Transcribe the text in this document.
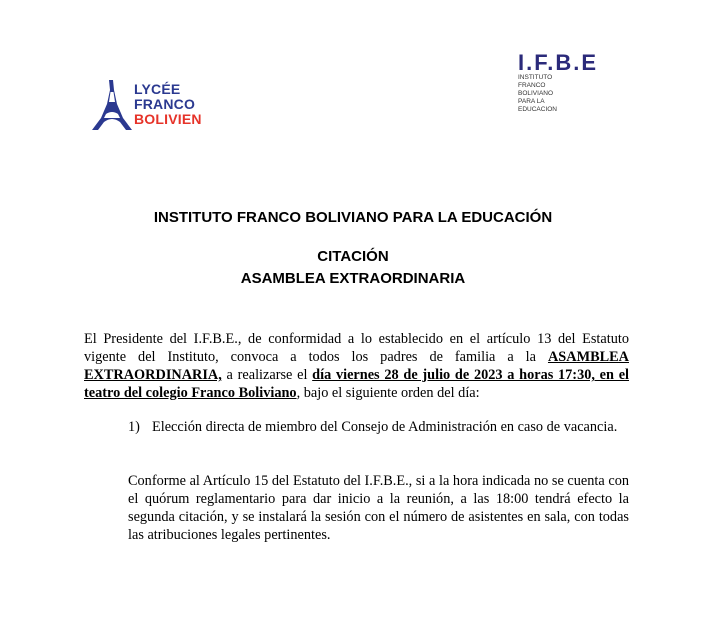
LYCÉE
FRANCO
BOLIVIEN
I.F.B.E
INSTITUTO
FRANCO
BOLIVIANO
PARA LA
EDUCACION
INSTITUTO FRANCO BOLIVIANO PARA LA EDUCACIÓN
CITACIÓN
ASAMBLEA EXTRAORDINARIA
El Presidente del I.F.B.E., de conformidad a lo establecido en el artículo 13 del Estatuto vigente del Instituto, convoca a todos los padres de familia a la ASAMBLEA EXTRAORDINARIA, a realizarse el día viernes 28 de julio de 2023 a horas 17:30, en el teatro del colegio Franco Boliviano, bajo el siguiente orden del día:
1) Elección directa de miembro del Consejo de Administración en caso de vacancia.
Conforme al Artículo 15 del Estatuto del I.F.B.E., si a la hora indicada no se cuenta con el quórum reglamentario para dar inicio a la reunión, a las 18:00 tendrá efecto la segunda citación, y se instalará la sesión con el número de asistentes en sala, con todas las atribuciones legales pertinentes.
